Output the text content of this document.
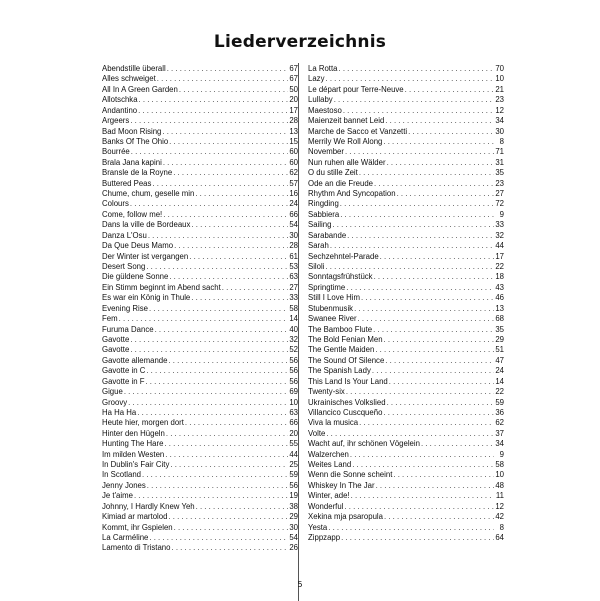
Liederverzeichnis
Abendstille überall . . .	67
Alles schweiget . . .	67
All In A Green Garden . . .	50
Allotschka . . .	20
Andantino . . .	17
Argeers . . .	28
Bad Moon Rising . . .	13
Banks Of The Ohio . . .	15
Bourrée . . .	60
Brala Jana kapini . . .	60
Bransle de la Royne . . .	62
Buttered Peas . . .	57
Chume, chum, geselle min . . .	16
Colours . . .	24
Come, follow me! . . .	66
Dans la ville de Bordeaux . . .	54
Danza L'Osu . . .	30
Da Que Deus Mamo . . .	28
Der Winter ist vergangen . . .	61
Desert Song . . .	53
Die güldene Sonne . . .	63
Ein Stimm beginnt im Abend sacht . . .	27
Es war ein König in Thule . . .	33
Evening Rise . . .	58
Fem . . .	14
Furuma Dance . . .	40
Gavotte . . .	32
Gavotte . . .	52
Gavotte allemande . . .	56
Gavotte in C . . .	56
Gavotte in F . . .	56
Gigue . . .	69
Groovy . . .	10
Ha Ha Ha . . .	63
Heute hier, morgen dort . . .	66
Hinter den Hügeln . . .	20
Hunting The Hare . . .	55
Im milden Westen . . .	44
In Dublin's Fair City . . .	25
In Scotland . . .	59
Jenny Jones . . .	56
Je t'aime . . .	19
Johnny, I Hardly Knew Yeh . . .	38
Kimiad ar martolod . . .	29
Kommt, ihr Gspielen . . .	30
La Carméline . . .	54
Lamento di Tristano . . .	26
La Rotta . . .	70
Lazy . . .	10
Le départ pour Terre-Neuve . . .	21
Lullaby . . .	23
Maestoso . . .	12
Maienzeit bannet Leid . . .	34
Marche de Sacco et Vanzetti . . .	30
Merrily We Roll Along . . .	8
November . . .	71
Nun ruhen alle Wälder . . .	31
O du stille Zeit . . .	35
Ode an die Freude . . .	23
Rhythm And Syncopation . . .	27
Ringding . . .	72
Sabbiera . . .	9
Sailing . . .	33
Sarabande . . .	32
Sarah . . .	44
Sechzehntel-Parade . . .	17
Siloli . . .	22
Sonntagsfrühstück . . .	18
Springtime . . .	43
Still I Love Him . . .	46
Stubenmusik . . .	13
Swanee River . . .	68
The Bamboo Flute . . .	35
The Bold Fenian Men . . .	29
The Gentle Maiden . . .	51
The Sound Of Silence . . .	47
The Spanish Lady . . .	24
This Land Is Your Land . . .	14
Twenty-six . . .	22
Ukrainisches Volkslied . . .	59
Villancico Cuscqueño . . .	36
Viva la musica . . .	62
Volte . . .	37
Wacht auf, ihr schönen Vögelein . . .	34
Walzerchen . . .	9
Weites Land . . .	58
Wenn die Sonne scheint . . .	10
Whiskey In The Jar . . .	48
Winter, ade! . . .	11
Wonderful . . .	12
Xekina mja psaropula . . .	42
Yesta . . .	8
Zippzapp . . .	64
5
